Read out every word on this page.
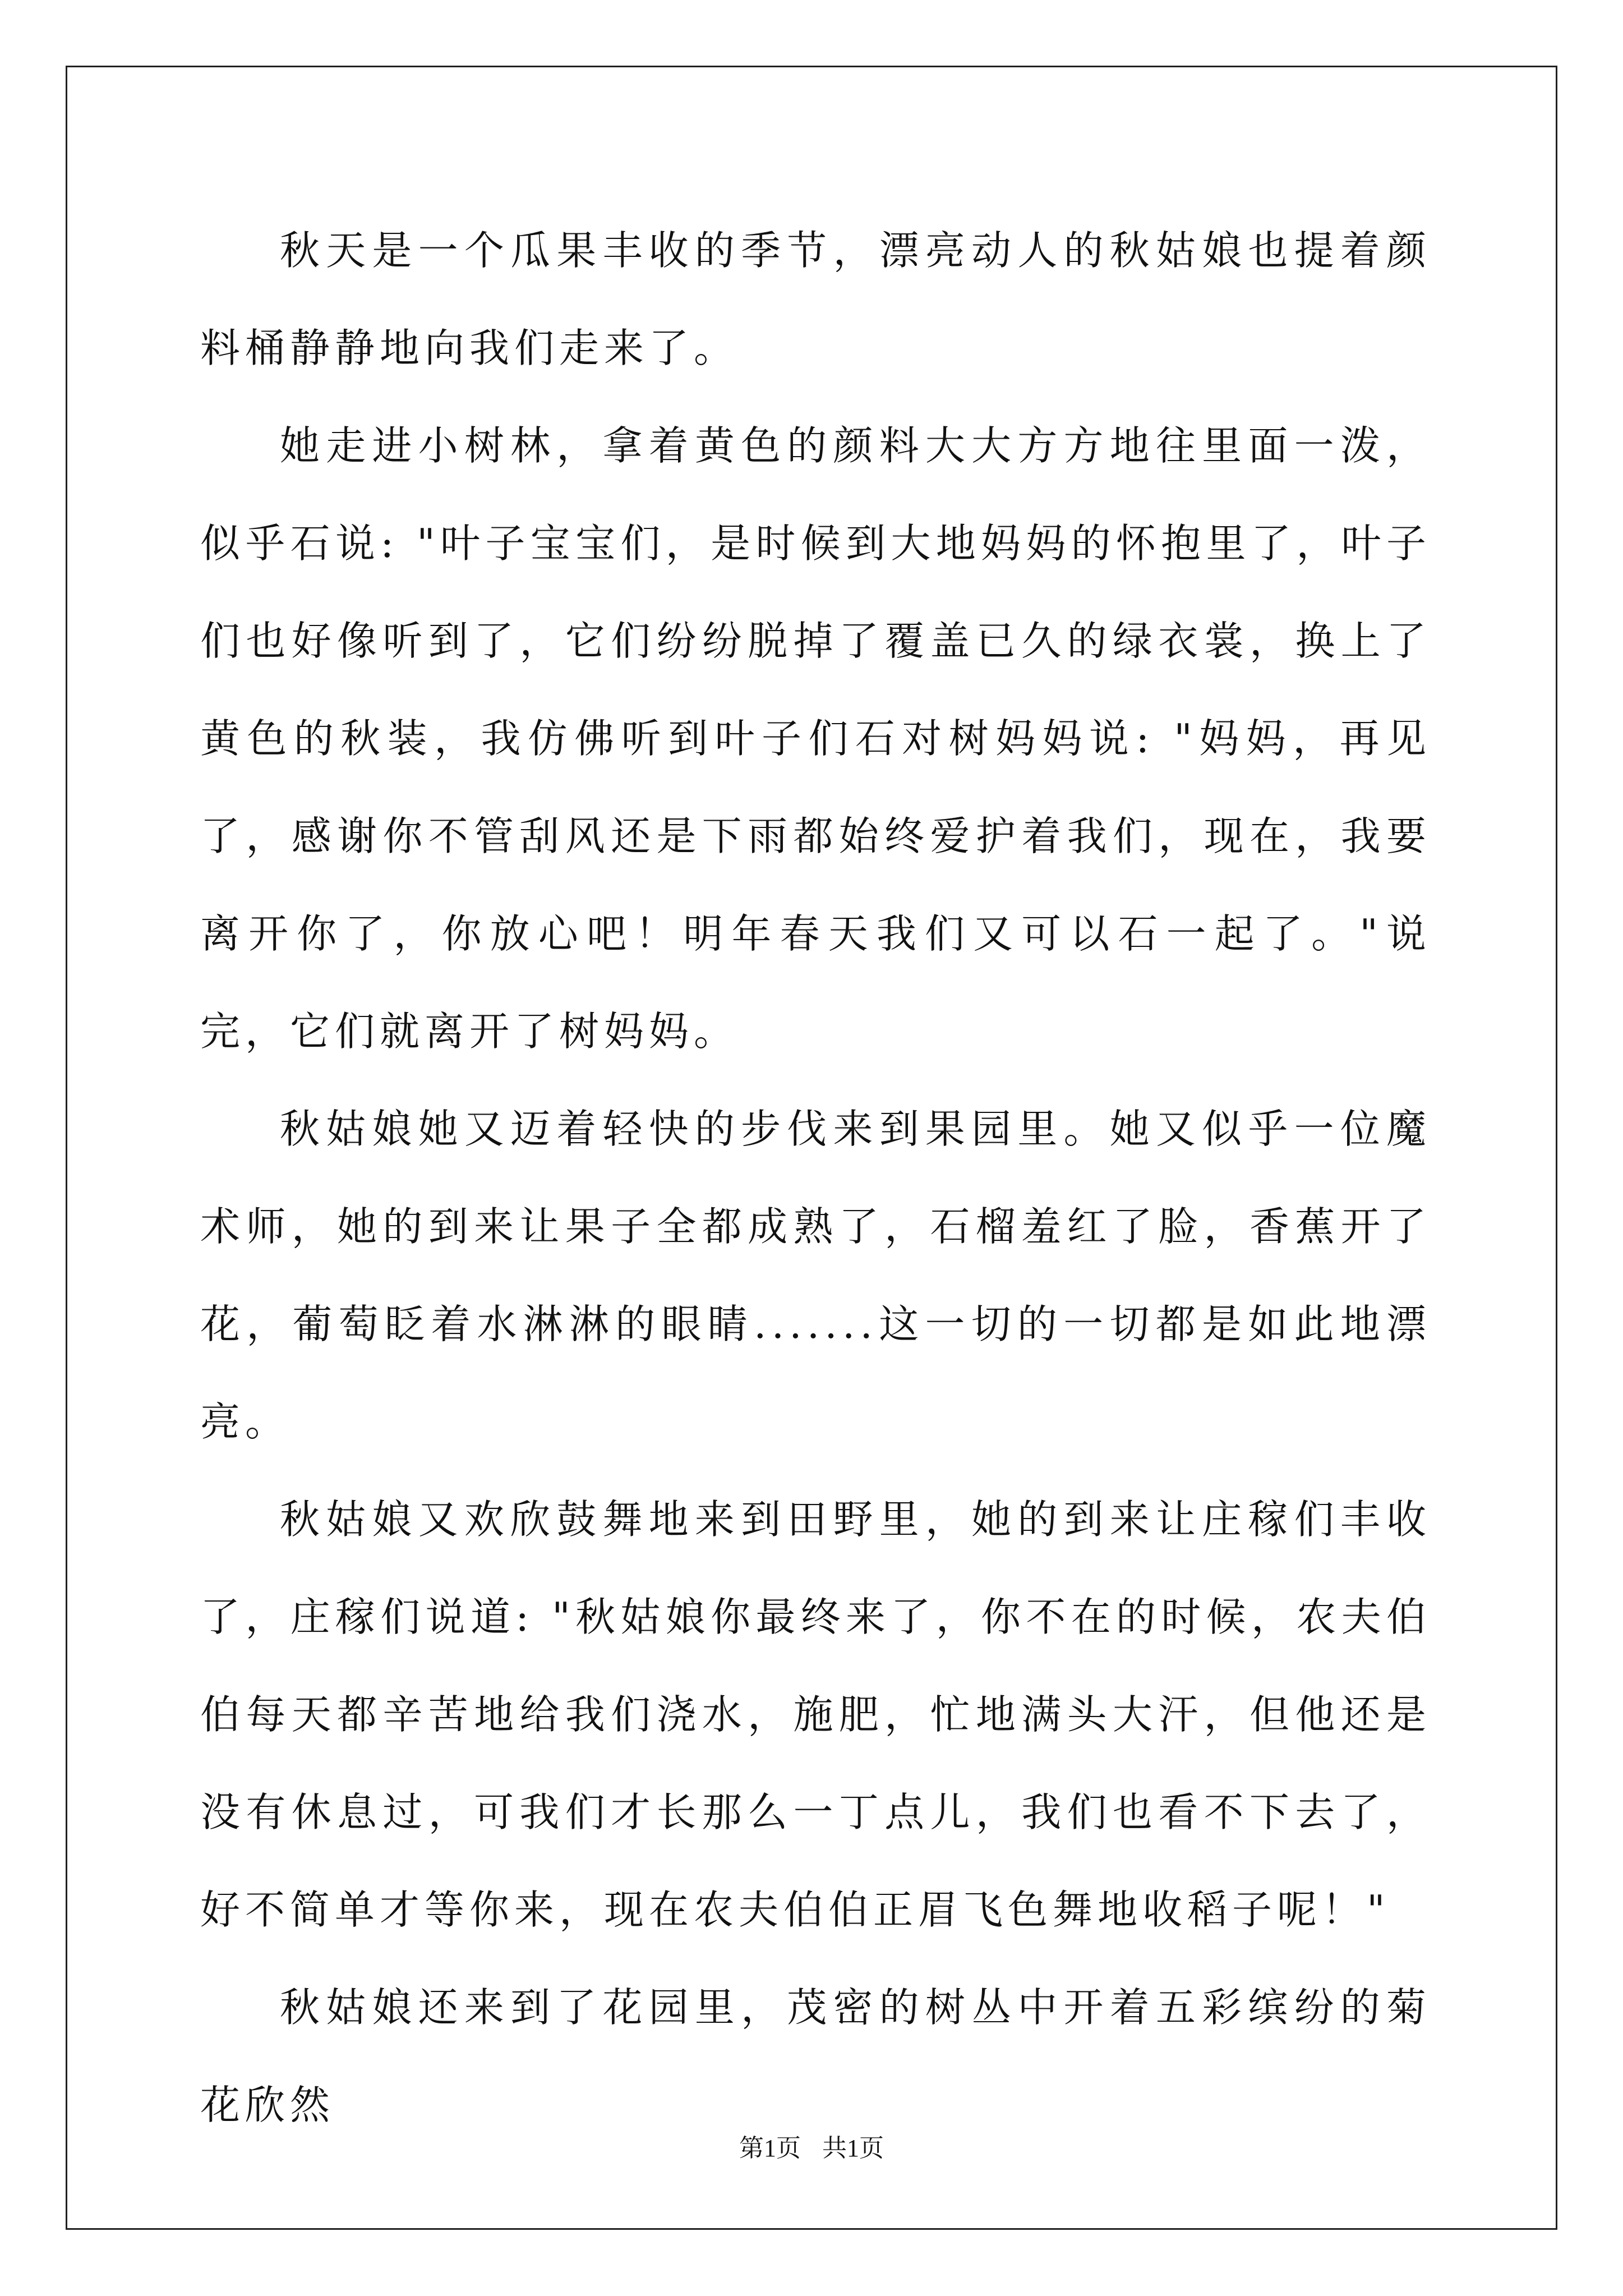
秋天是一个瓜果丰收的季节，漂亮动人的秋姑娘也提着颜料桶静静地向我们走来了。

她走进小树林，拿着黄色的颜料大大方方地往里面一泼，似乎石说: "叶子宝宝们，是时候到大地妈妈的怀抱里了，叶子们也好像听到了，它们纷纷脱掉了覆盖已久的绿衣裳，换上了黄色的秋装，我仿佛听到叶子们石对树妈妈说: "妈妈，再见了，感谢你不管刮风还是下雨都始终爱护着我们，现在，我要离开你了，你放心吧！明年春天我们又可以石一起了。"说完，它们就离开了树妈妈。

秋姑娘她又迈着轻快的步伐来到果园里。她又似乎一位魔术师，她的到来让果子全都成熟了，石榴羞红了脸，香蕉开了花，葡萄眨着水淋淋的眼睛.......这一切的一切都是如此地漂亮。

秋姑娘又欢欣鼓舞地来到田野里，她的到来让庄稼们丰收了，庄稼们说道: "秋姑娘你最终来了，你不在的时候，农夫伯伯每天都辛苦地给我们浇水，施肥，忙地满头大汗，但他还是没有休息过，可我们才长那么一丁点儿，我们也看不下去了，好不简单才等你来，现在农夫伯伯正眉飞色舞地收稻子呢！"

秋姑娘还来到了花园里，茂密的树丛中开着五彩缤纷的菊花欣然

第1页 共1页
